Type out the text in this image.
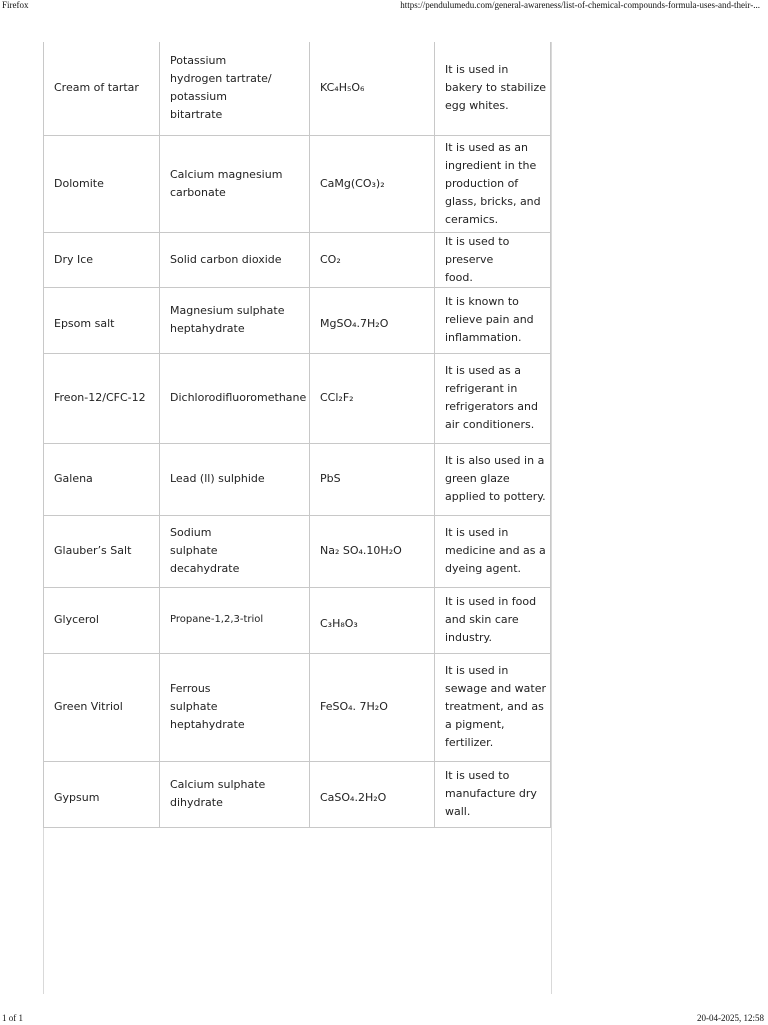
Firefox	https://pendulumedu.com/general-awareness/list-of-chemical-compounds-formula-uses-and-their-...
Cream of tartar	Potassium hydrogen tartrate/ potassium bitartrate	KC₄H₅O₆	It is used in bakery to stabilize egg whites.
Dolomite	Calcium magnesium carbonate	CaMg(CO₃)₂	It is used as an ingredient in the production of glass, bricks, and ceramics.
Dry Ice	Solid carbon dioxide	CO₂	It is used to preserve food.
Epsom salt	Magnesium sulphate heptahydrate	MgSO₄.7H₂O	It is known to relieve pain and inflammation.
Freon-12/CFC-12	Dichlorodifluoromethane	CCl₂F₂	It is used as a refrigerant in refrigerators and air conditioners.
Galena	Lead (ll) sulphide	PbS	It is also used in a green glaze applied to pottery.
Glauber’s Salt	Sodium sulphate decahydrate	Na₂ SO₄.10H₂O	It is used in medicine and as a dyeing agent.
Glycerol	Propane-1,2,3-triol	C₃H₈O₃	It is used in food and skin care industry.
Green Vitriol	Ferrous sulphate heptahydrate	FeSO₄. 7H₂O	It is used in sewage and water treatment, and as a pigment, fertilizer.
Gypsum	Calcium sulphate dihydrate	CaSO₄.2H₂O	It is used to manufacture dry wall.
1 of 1	20-04-2025, 12:58
